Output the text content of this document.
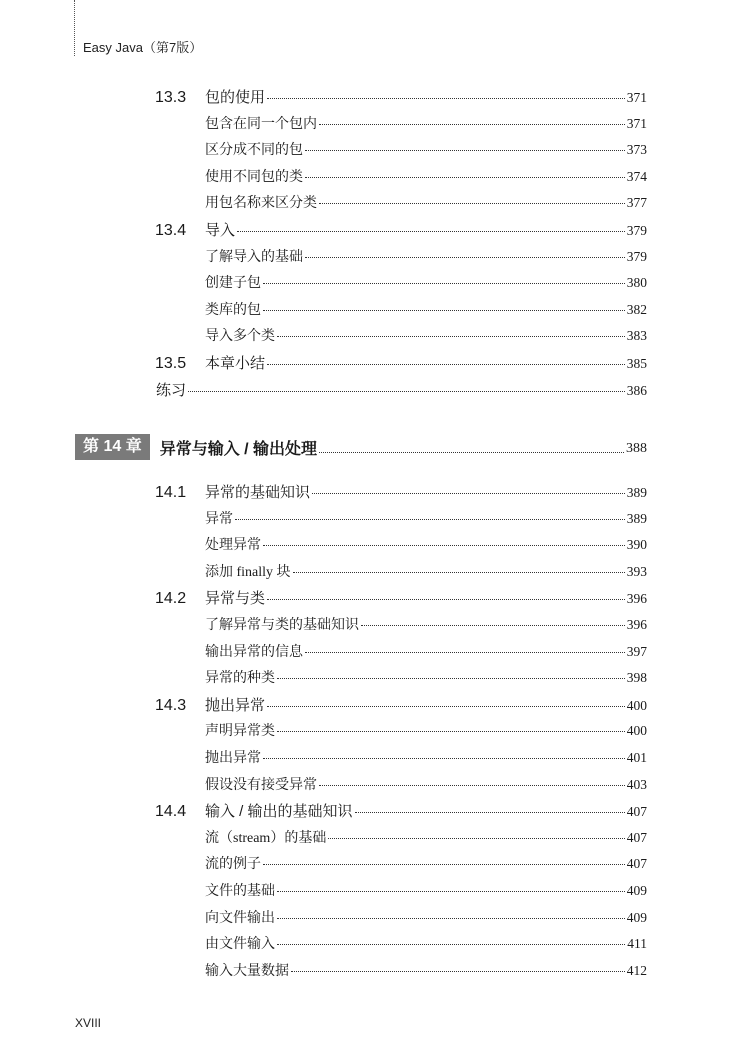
Easy Java（第7版）
13.3	包的使用	371
包含在同一个包内	371
区分成不同的包	373
使用不同包的类	374
用包名称来区分类	377
13.4	导入	379
了解导入的基础	379
创建子包	380
类库的包	382
导入多个类	383
13.5	本章小结	385
练习	386
第 14 章	异常与输入 / 输出处理	388
14.1	异常的基础知识	389
异常	389
处理异常	390
添加 finally 块	393
14.2	异常与类	396
了解异常与类的基础知识	396
输出异常的信息	397
异常的种类	398
14.3	抛出异常	400
声明异常类	400
抛出异常	401
假设没有接受异常	403
14.4	输入 / 输出的基础知识	407
流（stream）的基础	407
流的例子	407
文件的基础	409
向文件输出	409
由文件输入	411
输入大量数据	412
XVIII
